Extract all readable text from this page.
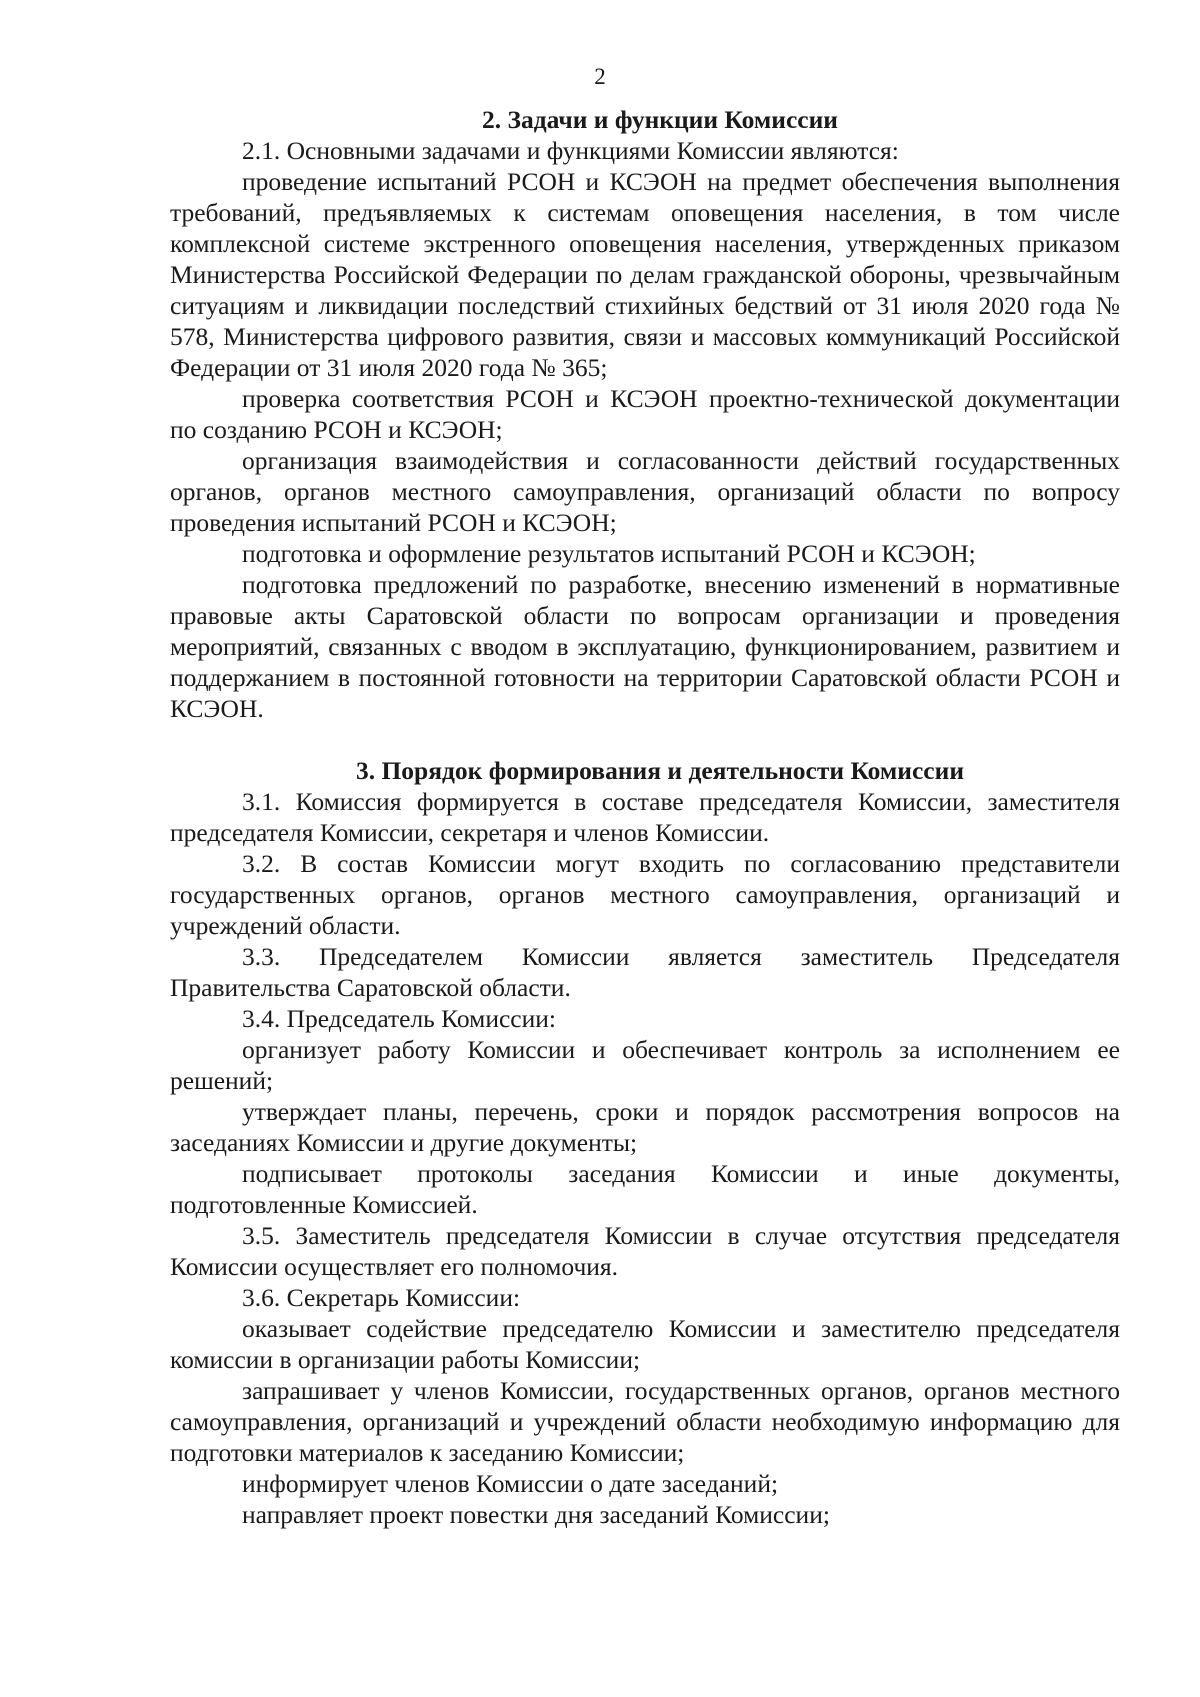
2

2. Задачи и функции Комиссии

2.1. Основными задачами и функциями Комиссии являются:

проведение испытаний РСОН и КСЭОН на предмет обеспечения выполнения требований, предъявляемых к системам оповещения населения, в том числе комплексной системе экстренного оповещения населения, утвержденных приказом Министерства Российской Федерации по делам гражданской обороны, чрезвычайным ситуациям и ликвидации последствий стихийных бедствий от 31 июля 2020 года № 578, Министерства цифрового развития, связи и массовых коммуникаций Российской Федерации от 31 июля 2020 года № 365;

проверка соответствия РСОН и КСЭОН проектно-технической документации по созданию РСОН и КСЭОН;

организация взаимодействия и согласованности действий государственных органов, органов местного самоуправления, организаций области по вопросу проведения испытаний РСОН и КСЭОН;

подготовка и оформление результатов испытаний РСОН и КСЭОН;

подготовка предложений по разработке, внесению изменений в нормативные правовые акты Саратовской области по вопросам организации и проведения мероприятий, связанных с вводом в эксплуатацию, функционированием, развитием и поддержанием в постоянной готовности на территории Саратовской области РСОН и КСЭОН.

3. Порядок формирования и деятельности Комиссии

3.1. Комиссия формируется в составе председателя Комиссии, заместителя председателя Комиссии, секретаря и членов Комиссии.

3.2. В состав Комиссии могут входить по согласованию представители государственных органов, органов местного самоуправления, организаций и учреждений области.

3.3. Председателем Комиссии является заместитель Председателя Правительства Саратовской области.

3.4. Председатель Комиссии:

организует работу Комиссии и обеспечивает контроль за исполнением ее решений;

утверждает планы, перечень, сроки и порядок рассмотрения вопросов на заседаниях Комиссии и другие документы;

подписывает протоколы заседания Комиссии и иные документы, подготовленные Комиссией.

3.5. Заместитель председателя Комиссии в случае отсутствия председателя Комиссии осуществляет его полномочия.

3.6. Секретарь Комиссии:

оказывает содействие председателю Комиссии и заместителю председателя комиссии в организации работы Комиссии;

запрашивает у членов Комиссии, государственных органов, органов местного самоуправления, организаций и учреждений области необходимую информацию для подготовки материалов к заседанию Комиссии;

информирует членов Комиссии о дате заседаний;

направляет проект повестки дня заседаний Комиссии;
